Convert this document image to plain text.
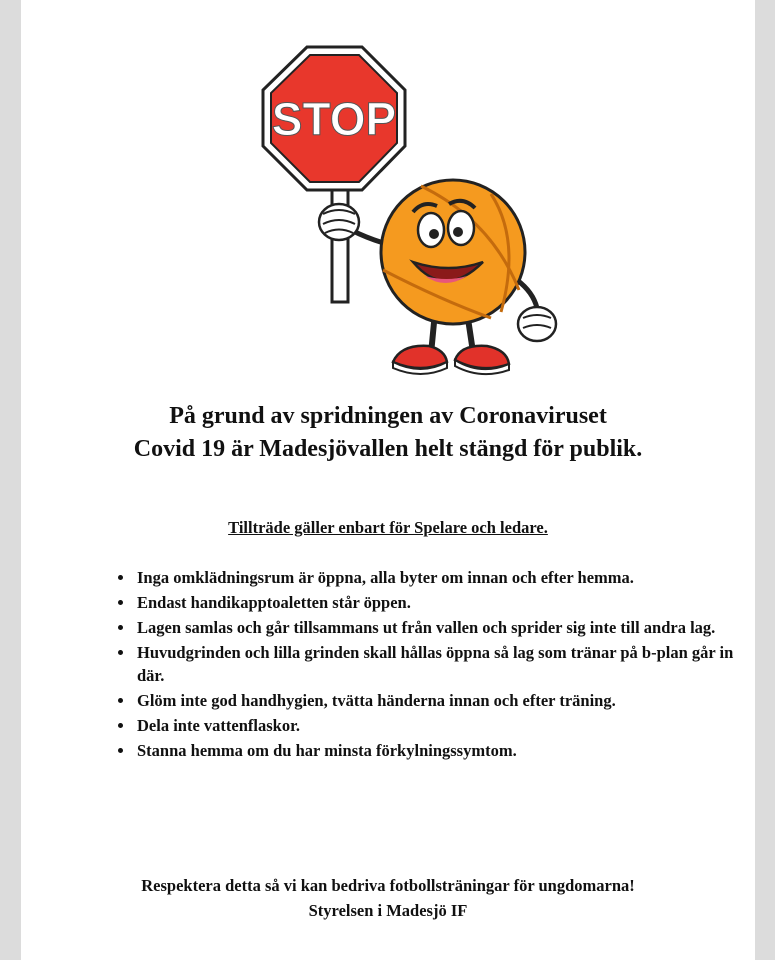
STOP
På grund av spridningen av Coronaviruset
Covid 19 är Madesjövallen helt stängd för publik.
Tillträde gäller enbart för Spelare och ledare.
• Inga omklädningsrum är öppna, alla byter om innan och efter hemma.
• Endast handikapptoaletten står öppen.
• Lagen samlas och går tillsammans ut från vallen och sprider sig inte till andra lag.
• Huvudgrinden och lilla grinden skall hållas öppna så lag som tränar på b-plan går in där.
• Glöm inte god handhygien, tvätta händerna innan och efter träning.
• Dela inte vattenflaskor.
• Stanna hemma om du har minsta förkylningssymtom.
Respektera detta så vi kan bedriva fotbollsträningar för ungdomarna!
Styrelsen i Madesjö IF
